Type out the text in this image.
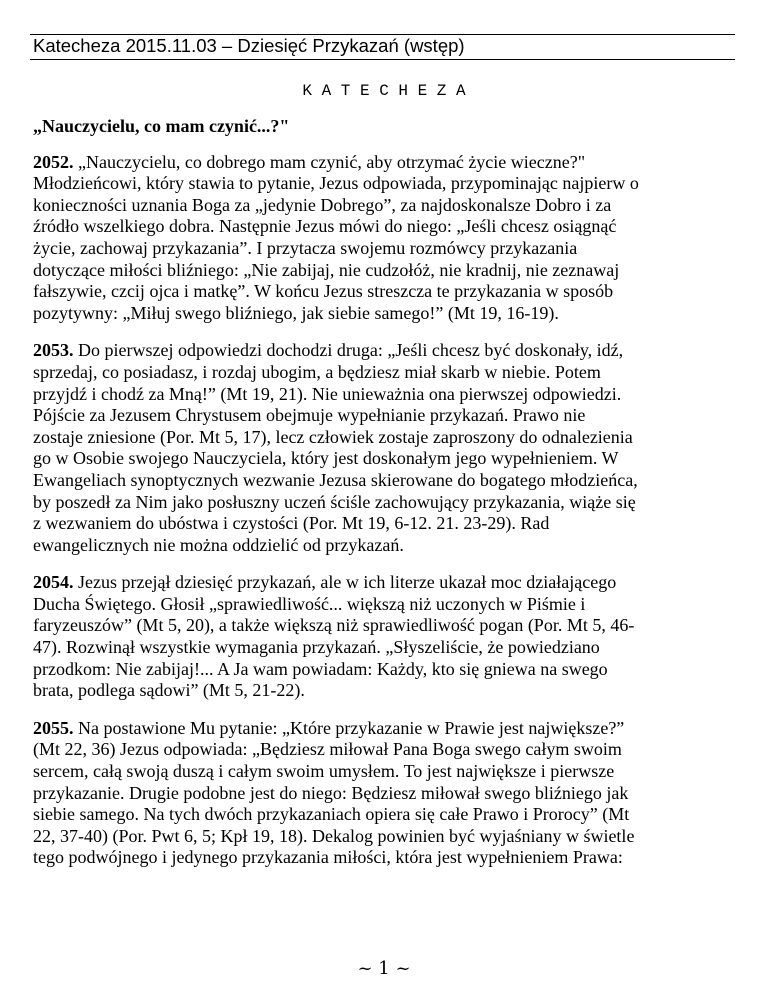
Katecheza 2015.11.03 – Dziesięć Przykazań (wstęp)
K A T E C H E Z A
„Nauczycielu, co mam czynić...?"
2052. „Nauczycielu, co dobrego mam czynić, aby otrzymać życie wieczne?"
Młodzieńcowi, który stawia to pytanie, Jezus odpowiada, przypominając najpierw o
konieczności uznania Boga za „jedynie Dobrego”, za najdoskonalsze Dobro i za
źródło wszelkiego dobra. Następnie Jezus mówi do niego: „Jeśli chcesz osiągnąć
życie, zachowaj przykazania”. I przytacza swojemu rozmówcy przykazania
dotyczące miłości bliźniego: „Nie zabijaj, nie cudzołóż, nie kradnij, nie zeznawaj
fałszywie, czcij ojca i matkę”. W końcu Jezus streszcza te przykazania w sposób
pozytywny: „Miłuj swego bliźniego, jak siebie samego!” (Mt 19, 16-19).
2053. Do pierwszej odpowiedzi dochodzi druga: „Jeśli chcesz być doskonały, idź,
sprzedaj, co posiadasz, i rozdaj ubogim, a będziesz miał skarb w niebie. Potem
przyjdź i chodź za Mną!” (Mt 19, 21). Nie unieważnia ona pierwszej odpowiedzi.
Pójście za Jezusem Chrystusem obejmuje wypełnianie przykazań. Prawo nie
zostaje zniesione (Por. Mt 5, 17), lecz człowiek zostaje zaproszony do odnalezienia
go w Osobie swojego Nauczyciela, który jest doskonałym jego wypełnieniem. W
Ewangeliach synoptycznych wezwanie Jezusa skierowane do bogatego młodzieńca,
by poszedł za Nim jako posłuszny uczeń ściśle zachowujący przykazania, wiąże się
z wezwaniem do ubóstwa i czystości (Por. Mt 19, 6-12. 21. 23-29). Rad
ewangelicznych nie można oddzielić od przykazań.
2054. Jezus przejął dziesięć przykazań, ale w ich literze ukazał moc działającego
Ducha Świętego. Głosił „sprawiedliwość... większą niż uczonych w Piśmie i
faryzeuszów” (Mt 5, 20), a także większą niż sprawiedliwość pogan (Por. Mt 5, 46-
47). Rozwinął wszystkie wymagania przykazań. „Słyszeliście, że powiedziano
przodkom: Nie zabijaj!... A Ja wam powiadam: Każdy, kto się gniewa na swego
brata, podlega sądowi” (Mt 5, 21-22).
2055. Na postawione Mu pytanie: „Które przykazanie w Prawie jest największe?”
(Mt 22, 36) Jezus odpowiada: „Będziesz miłował Pana Boga swego całym swoim
sercem, całą swoją duszą i całym swoim umysłem. To jest największe i pierwsze
przykazanie. Drugie podobne jest do niego: Będziesz miłował swego bliźniego jak
siebie samego. Na tych dwóch przykazaniach opiera się całe Prawo i Prorocy” (Mt
22, 37-40) (Por. Pwt 6, 5; Kpł 19, 18). Dekalog powinien być wyjaśniany w świetle
tego podwójnego i jedynego przykazania miłości, która jest wypełnieniem Prawa:
~ 1 ~
